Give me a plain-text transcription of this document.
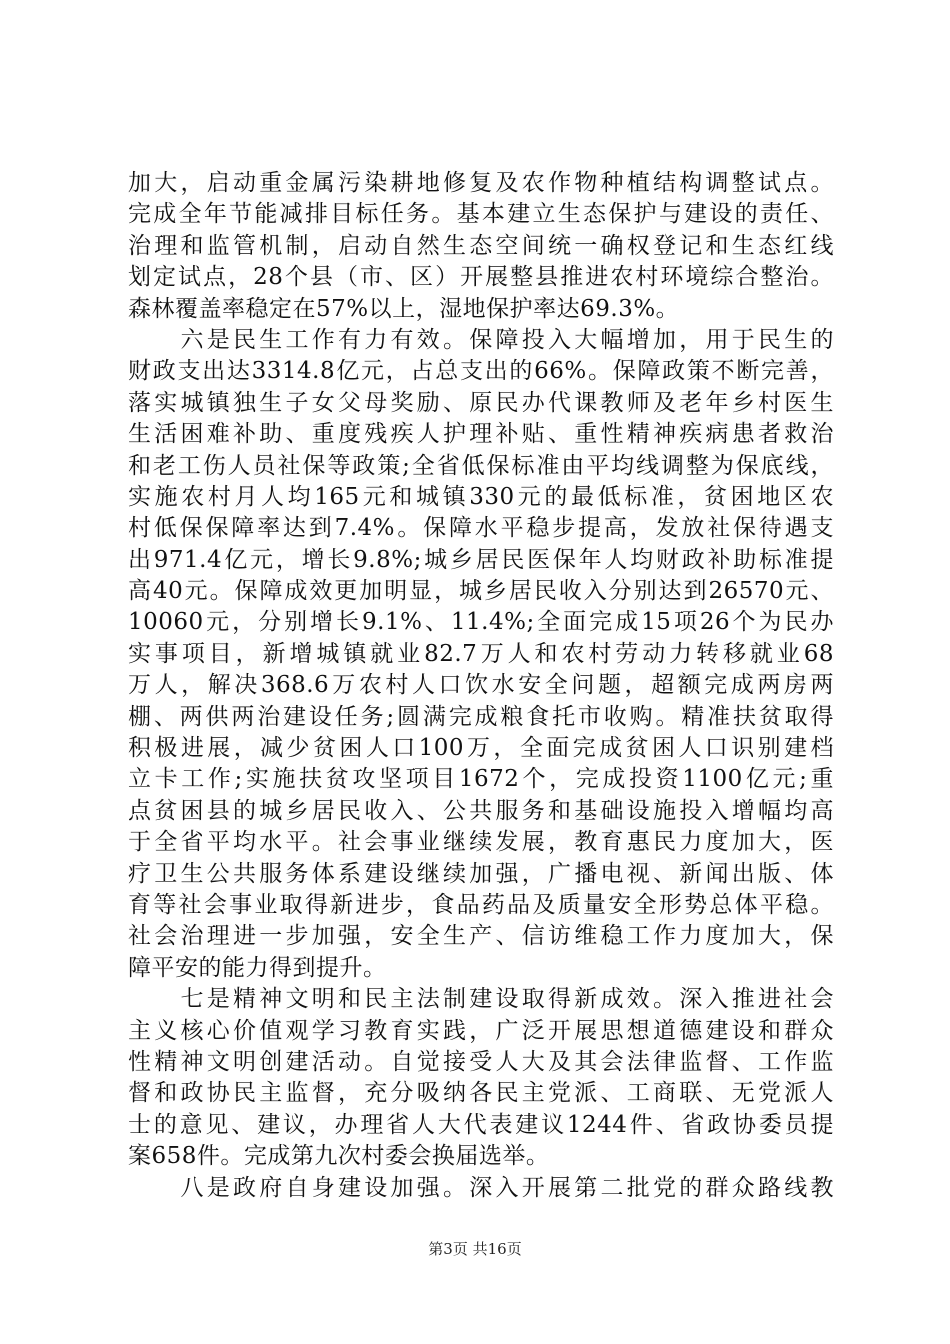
加大，启动重金属污染耕地修复及农作物种植结构调整试点。
完成全年节能减排目标任务。基本建立生态保护与建设的责任、
治理和监管机制，启动自然生态空间统一确权登记和生态红线
划定试点，28个县（市、区）开展整县推进农村环境综合整治。
森林覆盖率稳定在57%以上，湿地保护率达69.3%。
　　六是民生工作有力有效。保障投入大幅增加，用于民生的
财政支出达3314.8亿元，占总支出的66%。保障政策不断完善，
落实城镇独生子女父母奖励、原民办代课教师及老年乡村医生
生活困难补助、重度残疾人护理补贴、重性精神疾病患者救治
和老工伤人员社保等政策;全省低保标准由平均线调整为保底线，
实施农村月人均165元和城镇330元的最低标准，贫困地区农
村低保保障率达到7.4%。保障水平稳步提高，发放社保待遇支
出971.4亿元，增长9.8%;城乡居民医保年人均财政补助标准提
高40元。保障成效更加明显，城乡居民收入分别达到26570元、
10060元，分别增长9.1%、11.4%;全面完成15项26个为民办
实事项目，新增城镇就业82.7万人和农村劳动力转移就业68
万人，解决368.6万农村人口饮水安全问题，超额完成两房两
棚、两供两治建设任务;圆满完成粮食托市收购。精准扶贫取得
积极进展，减少贫困人口100万，全面完成贫困人口识别建档
立卡工作;实施扶贫攻坚项目1672个，完成投资1100亿元;重
点贫困县的城乡居民收入、公共服务和基础设施投入增幅均高
于全省平均水平。社会事业继续发展，教育惠民力度加大，医
疗卫生公共服务体系建设继续加强，广播电视、新闻出版、体
育等社会事业取得新进步，食品药品及质量安全形势总体平稳。
社会治理进一步加强，安全生产、信访维稳工作力度加大，保
障平安的能力得到提升。
　　七是精神文明和民主法制建设取得新成效。深入推进社会
主义核心价值观学习教育实践，广泛开展思想道德建设和群众
性精神文明创建活动。自觉接受人大及其会法律监督、工作监
督和政协民主监督，充分吸纳各民主党派、工商联、无党派人
士的意见、建议，办理省人大代表建议1244件、省政协委员提
案658件。完成第九次村委会换届选举。
　　八是政府自身建设加强。深入开展第二批党的群众路线教
第3页 共16页
